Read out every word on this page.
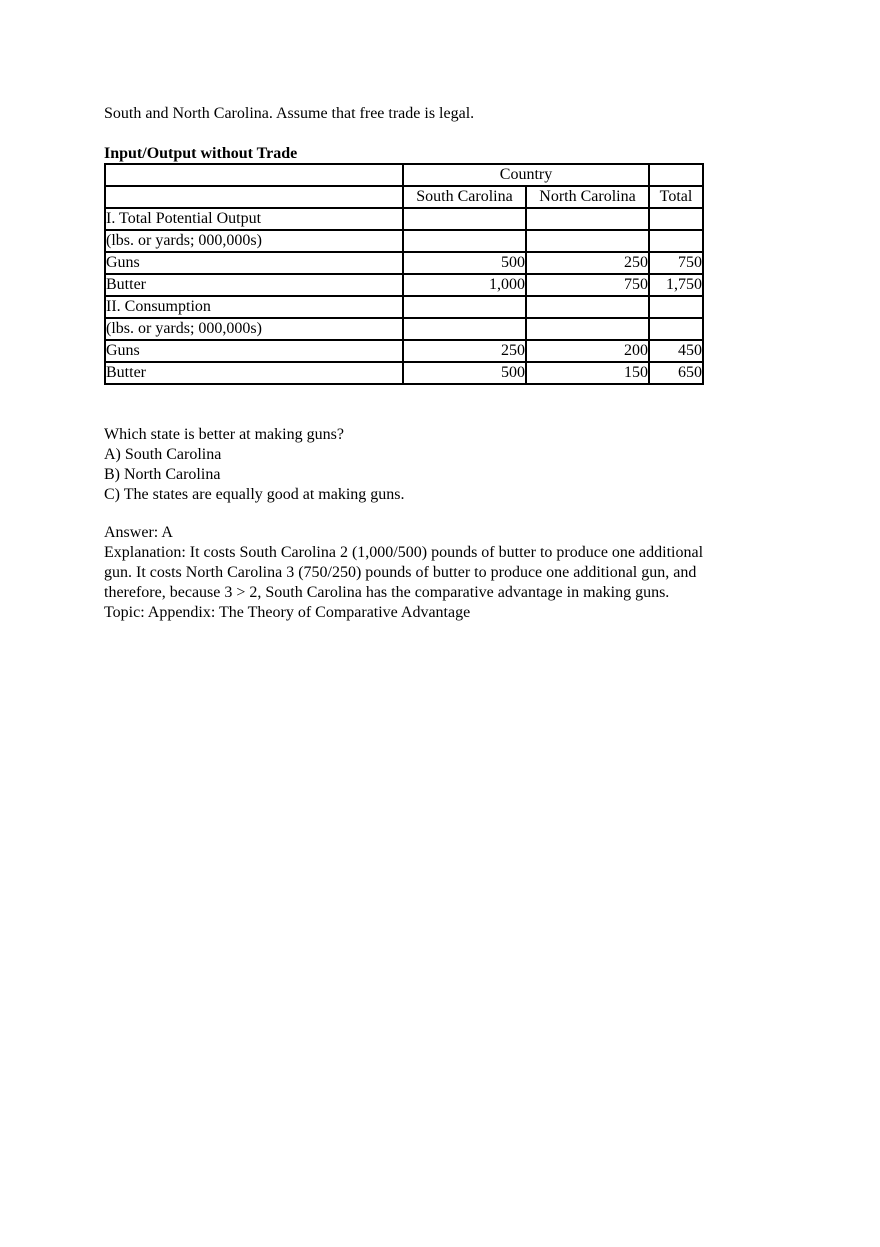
South and North Carolina. Assume that free trade is legal.
Input/Output without Trade
	Country		
	South Carolina	North Carolina	Total
I. Total Potential Output			
(lbs. or yards; 000,000s)			
Guns	500	250	750
Butter	1,000	750	1,750
II. Consumption			
(lbs. or yards; 000,000s)			
Guns	250	200	450
Butter	500	150	650
Which state is better at making guns?
A) South Carolina
B) North Carolina
C) The states are equally good at making guns.
Answer: A
Explanation: It costs South Carolina 2 (1,000/500) pounds of butter to produce one additional
gun. It costs North Carolina 3 (750/250) pounds of butter to produce one additional gun, and
therefore, because 3 > 2, South Carolina has the comparative advantage in making guns.
Topic: Appendix: The Theory of Comparative Advantage
